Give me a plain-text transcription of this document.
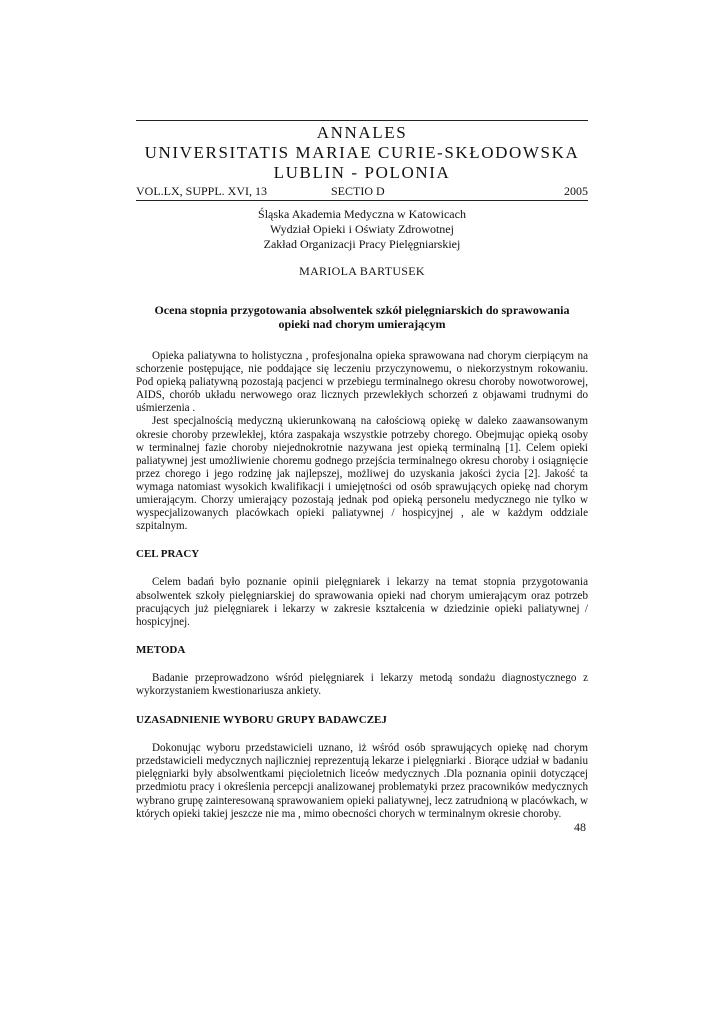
ANNALES
UNIVERSITATIS MARIAE CURIE-SKŁODOWSKA
LUBLIN - POLONIA
VOL.LX, SUPPL. XVI, 13	SECTIO D	2005
Śląska Akademia Medyczna w Katowicach
Wydział Opieki i Oświaty Zdrowotnej
Zakład Organizacji Pracy Pielęgniarskiej
MARIOLA BARTUSEK
Ocena stopnia przygotowania absolwentek szkół pielęgniarskich do sprawowania
opieki nad chorym umierającym

Opieka paliatywna to holistyczna , profesjonalna opieka sprawowana nad chorym cierpiącym na schorzenie postępujące, nie poddające się leczeniu przyczynowemu, o niekorzystnym rokowaniu. Pod opieką paliatywną pozostają pacjenci w przebiegu terminalnego okresu choroby nowotworowej, AIDS, chorób układu nerwowego oraz licznych przewlekłych schorzeń z objawami trudnymi do uśmierzenia .

Jest specjalnością medyczną ukierunkowaną na całościową opiekę w daleko zaawansowanym okresie choroby przewlekłej, która zaspakaja wszystkie potrzeby chorego. Obejmując opieką osoby w terminalnej fazie choroby niejednokrotnie nazywana jest opieką terminalną [1]. Celem opieki paliatywnej jest umożliwienie choremu godnego przejścia terminalnego okresu choroby i osiągnięcie przez chorego i jego rodzinę jak najlepszej, możliwej do uzyskania jakości życia [2]. Jakość ta wymaga natomiast wysokich kwalifikacji i umiejętności od osób sprawujących opiekę nad chorym umierającym. Chorzy umierający pozostają jednak pod opieką personelu medycznego nie tylko w wyspecjalizowanych placówkach opieki paliatywnej / hospicyjnej , ale w każdym oddziale szpitalnym.

CEL PRACY

Celem badań było poznanie opinii pielęgniarek i lekarzy na temat stopnia przygotowania absolwentek szkoły pielęgniarskiej do sprawowania opieki nad chorym umierającym oraz potrzeb pracujących już pielęgniarek i lekarzy w zakresie kształcenia w dziedzinie opieki paliatywnej / hospicyjnej.

METODA

Badanie przeprowadzono wśród pielęgniarek i lekarzy metodą sondażu diagnostycznego z wykorzystaniem kwestionariusza ankiety.

UZASADNIENIE WYBORU GRUPY BADAWCZEJ

Dokonując wyboru przedstawicieli uznano, iż wśród osób sprawujących opiekę nad chorym przedstawicieli medycznych najliczniej reprezentują lekarze i pielęgniarki . Biorące udział w badaniu pielęgniarki były absolwentkami pięcioletnich liceów medycznych .Dla poznania opinii dotyczącej przedmiotu pracy i określenia percepcji analizowanej problematyki przez pracowników medycznych wybrano grupę zainteresowaną sprawowaniem opieki paliatywnej, lecz zatrudnioną w placówkach, w których opieki takiej jeszcze nie ma , mimo obecności chorych w terminalnym okresie choroby.

48
